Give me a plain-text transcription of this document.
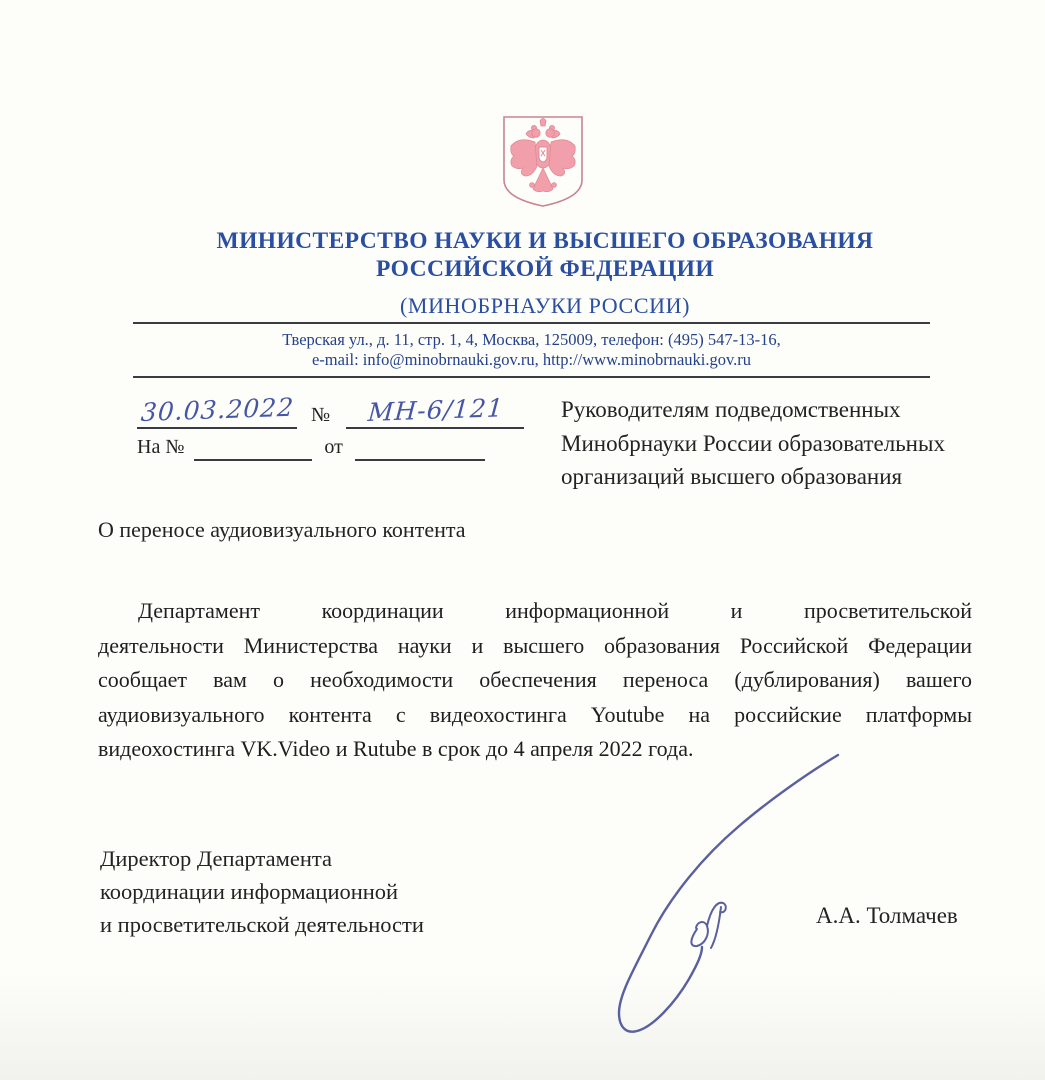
МИНИСТЕРСТВО НАУКИ И ВЫСШЕГО ОБРАЗОВАНИЯ
РОССИЙСКОЙ ФЕДЕРАЦИИ
(МИНОБРНАУКИ РОССИИ)
Тверская ул., д. 11, стр. 1, 4, Москва, 125009, телефон: (495) 547-13-16,
e-mail: info@minobrnauki.gov.ru, http://www.minobrnauki.gov.ru
30.03.2022 №	МН-6/121
На №	от
Руководителям подведомственных
Минобрнауки России образовательных
организаций высшего образования
О переносе аудиовизуального контента
Департамент координации информационной и просветительской
деятельности Министерства науки и высшего образования Российской Федерации
сообщает вам о необходимости обеспечения переноса (дублирования) вашего
аудиовизуального контента с видеохостинга Youtube на российские платформы
видеохостинга VK.Video и Rutube в срок до 4 апреля 2022 года.
Директор Департамента
координации информационной
и просветительской деятельности	А.А. Толмачев
